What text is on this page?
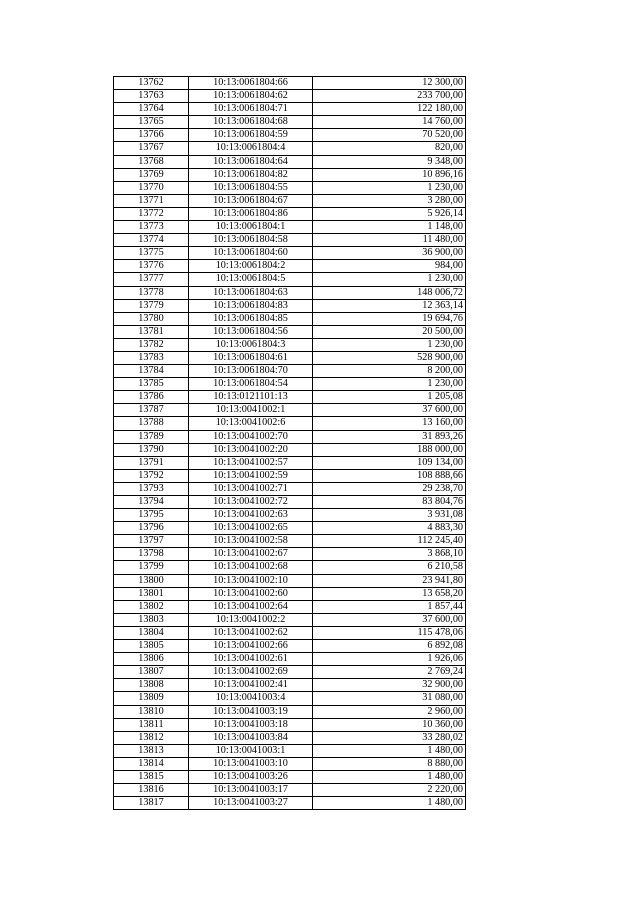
13762	10:13:0061804:66	12 300,00
13763	10:13:0061804:62	233 700,00
13764	10:13:0061804:71	122 180,00
13765	10:13:0061804:68	14 760,00
13766	10:13:0061804:59	70 520,00
13767	10:13:0061804:4	820,00
13768	10:13:0061804:64	9 348,00
13769	10:13:0061804:82	10 896,16
13770	10:13:0061804:55	1 230,00
13771	10:13:0061804:67	3 280,00
13772	10:13:0061804:86	5 926,14
13773	10:13:0061804:1	1 148,00
13774	10:13:0061804:58	11 480,00
13775	10:13:0061804:60	36 900,00
13776	10:13:0061804:2	984,00
13777	10:13:0061804:5	1 230,00
13778	10:13:0061804:63	148 006,72
13779	10:13:0061804:83	12 363,14
13780	10:13:0061804:85	19 694,76
13781	10:13:0061804:56	20 500,00
13782	10:13:0061804:3	1 230,00
13783	10:13:0061804:61	528 900,00
13784	10:13:0061804:70	8 200,00
13785	10:13:0061804:54	1 230,00
13786	10:13:0121101:13	1 205,08
13787	10:13:0041002:1	37 600,00
13788	10:13:0041002:6	13 160,00
13789	10:13:0041002:70	31 893,26
13790	10:13:0041002:20	188 000,00
13791	10:13:0041002:57	109 134,00
13792	10:13:0041002:59	108 888,66
13793	10:13:0041002:71	29 238,70
13794	10:13:0041002:72	83 804,76
13795	10:13:0041002:63	3 931,08
13796	10:13:0041002:65	4 883,30
13797	10:13:0041002:58	112 245,40
13798	10:13:0041002:67	3 868,10
13799	10:13:0041002:68	6 210,58
13800	10:13:0041002:10	23 941,80
13801	10:13:0041002:60	13 658,20
13802	10:13:0041002:64	1 857,44
13803	10:13:0041002:2	37 600,00
13804	10:13:0041002:62	115 478,06
13805	10:13:0041002:66	6 892,08
13806	10:13:0041002:61	1 926,06
13807	10:13:0041002:69	2 769,24
13808	10:13:0041002:41	32 900,00
13809	10:13:0041003:4	31 080,00
13810	10:13:0041003:19	2 960,00
13811	10:13:0041003:18	10 360,00
13812	10:13:0041003:84	33 280,02
13813	10:13:0041003:1	1 480,00
13814	10:13:0041003:10	8 880,00
13815	10:13:0041003:26	1 480,00
13816	10:13:0041003:17	2 220,00
13817	10:13:0041003:27	1 480,00
